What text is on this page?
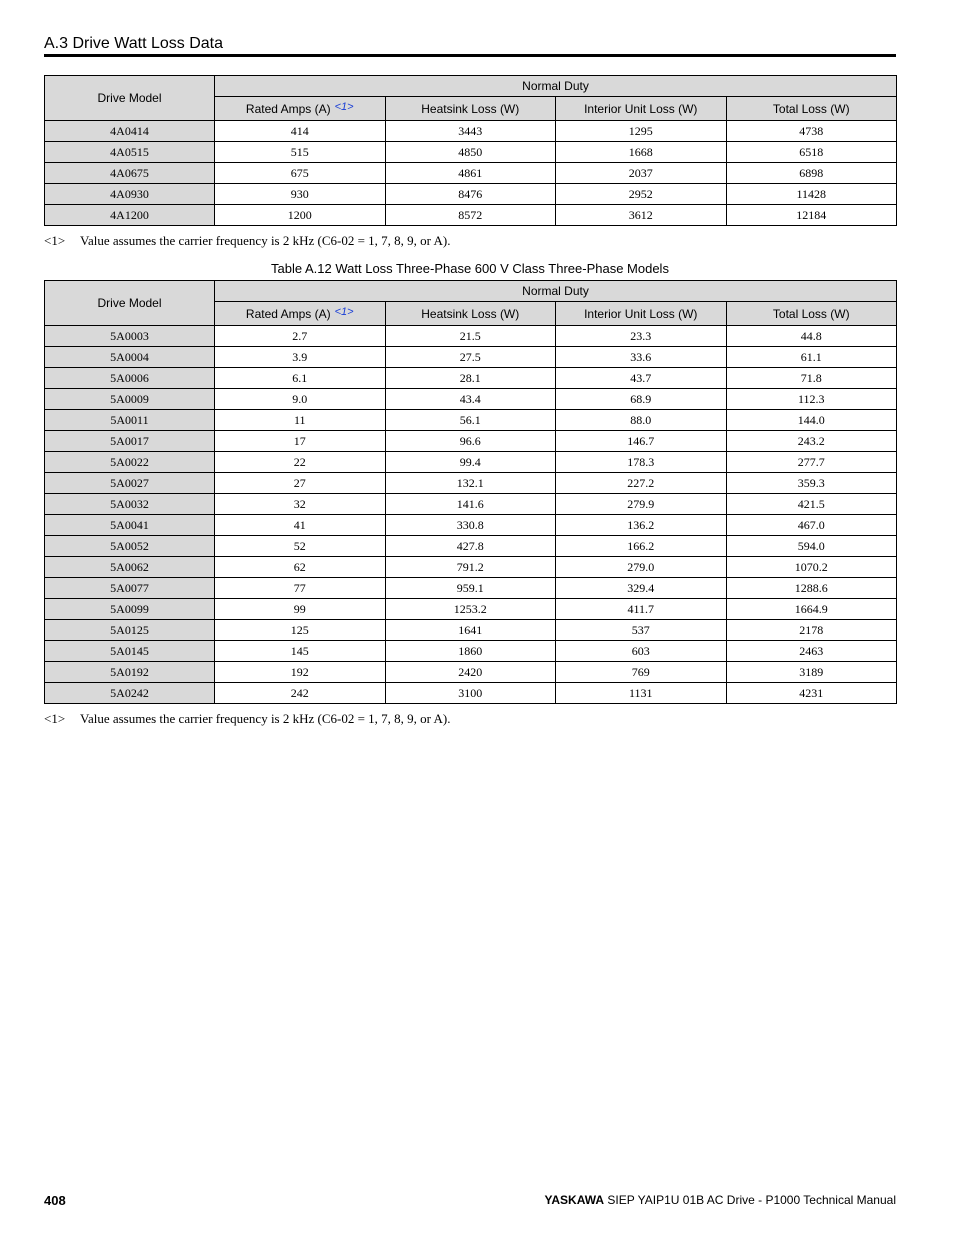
A.3 Drive Watt Loss Data
Drive Model	Normal Duty			
	Rated Amps (A) <1>	Heatsink Loss (W)	Interior Unit Loss (W)	Total Loss (W)
4A0414	414	3443	1295	4738
4A0515	515	4850	1668	6518
4A0675	675	4861	2037	6898
4A0930	930	8476	2952	11428
4A1200	1200	8572	3612	12184
<1> Value assumes the carrier frequency is 2 kHz (C6-02 = 1, 7, 8, 9, or A).
Table A.12 Watt Loss Three-Phase 600 V Class Three-Phase Models
Drive Model	Normal Duty			
	Rated Amps (A) <1>	Heatsink Loss (W)	Interior Unit Loss (W)	Total Loss (W)
5A0003	2.7	21.5	23.3	44.8
5A0004	3.9	27.5	33.6	61.1
5A0006	6.1	28.1	43.7	71.8
5A0009	9.0	43.4	68.9	112.3
5A0011	11	56.1	88.0	144.0
5A0017	17	96.6	146.7	243.2
5A0022	22	99.4	178.3	277.7
5A0027	27	132.1	227.2	359.3
5A0032	32	141.6	279.9	421.5
5A0041	41	330.8	136.2	467.0
5A0052	52	427.8	166.2	594.0
5A0062	62	791.2	279.0	1070.2
5A0077	77	959.1	329.4	1288.6
5A0099	99	1253.2	411.7	1664.9
5A0125	125	1641	537	2178
5A0145	145	1860	603	2463
5A0192	192	2420	769	3189
5A0242	242	3100	1131	4231
<1> Value assumes the carrier frequency is 2 kHz (C6-02 = 1, 7, 8, 9, or A).
408	YASKAWA SIEP YAIP1U 01B AC Drive - P1000 Technical Manual
